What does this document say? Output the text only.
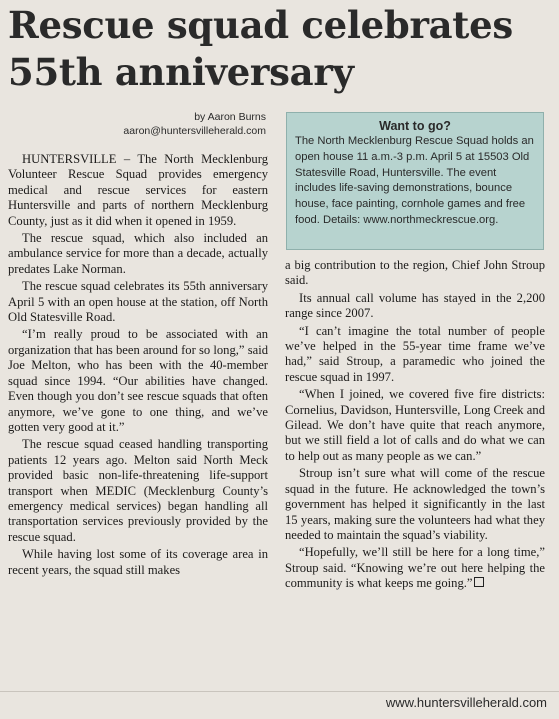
Rescue squad celebrates
55th anniversary
by Aaron Burns
aaron@huntersvilleherald.com	Want to go?

The North Mecklenburg Rescue Squad holds an open house 11 a.m.-3 p.m. April 5 at 15503 Old Statesville Road, Huntersville. The event includes life-saving demonstrations, bounce house, face painting, cornhole games and free food. Details: www.northmeckrescue.org.

HUNTERSVILLE – The North Mecklenburg Volunteer Rescue Squad provides emergency medical and rescue services for eastern Huntersville and parts of northern Mecklenburg County, just as it did when it opened in 1959.

The rescue squad, which also included an ambulance service for more than a decade, actually predates Lake Norman.

The rescue squad celebrates its 55th anniversary April 5 with an open house at the station, off North Old Statesville Road.

“I’m really proud to be associated with an organization that has been around for so long,” said Joe Melton, who has been with the 40-member squad since 1994. “Our abilities have changed. Even though you don’t see rescue squads that often anymore, we’ve gone to one thing, and we’ve gotten very good at it.”

The rescue squad ceased handling transporting patients 12 years ago. Melton said North Meck provided basic non-life-threatening life-support transport when MEDIC (Mecklenburg County’s emergency medical services) began handling all transportation services previously provided by the rescue squad.

While having lost some of its coverage area in recent years, the squad still makes

a big contribution to the region, Chief John Stroup said.

Its annual call volume has stayed in the 2,200 range since 2007.

“I can’t imagine the total number of people we’ve helped in the 55-year time frame we’ve had,” said Stroup, a paramedic who joined the rescue squad in 1997.

“When I joined, we covered five fire districts: Cornelius, Davidson, Huntersville, Long Creek and Gilead. We don’t have quite that reach anymore, but we still field a lot of calls and do what we can to help out as many people as we can.”

Stroup isn’t sure what will come of the rescue squad in the future. He acknowledged the town’s government has helped it significantly in the last 15 years, making sure the volunteers had what they needed to maintain the squad’s viability.

“Hopefully, we’ll still be here for a long time,” Stroup said. “Knowing we’re out here helping the community is what keeps me going.”

www.huntersvilleherald.com
